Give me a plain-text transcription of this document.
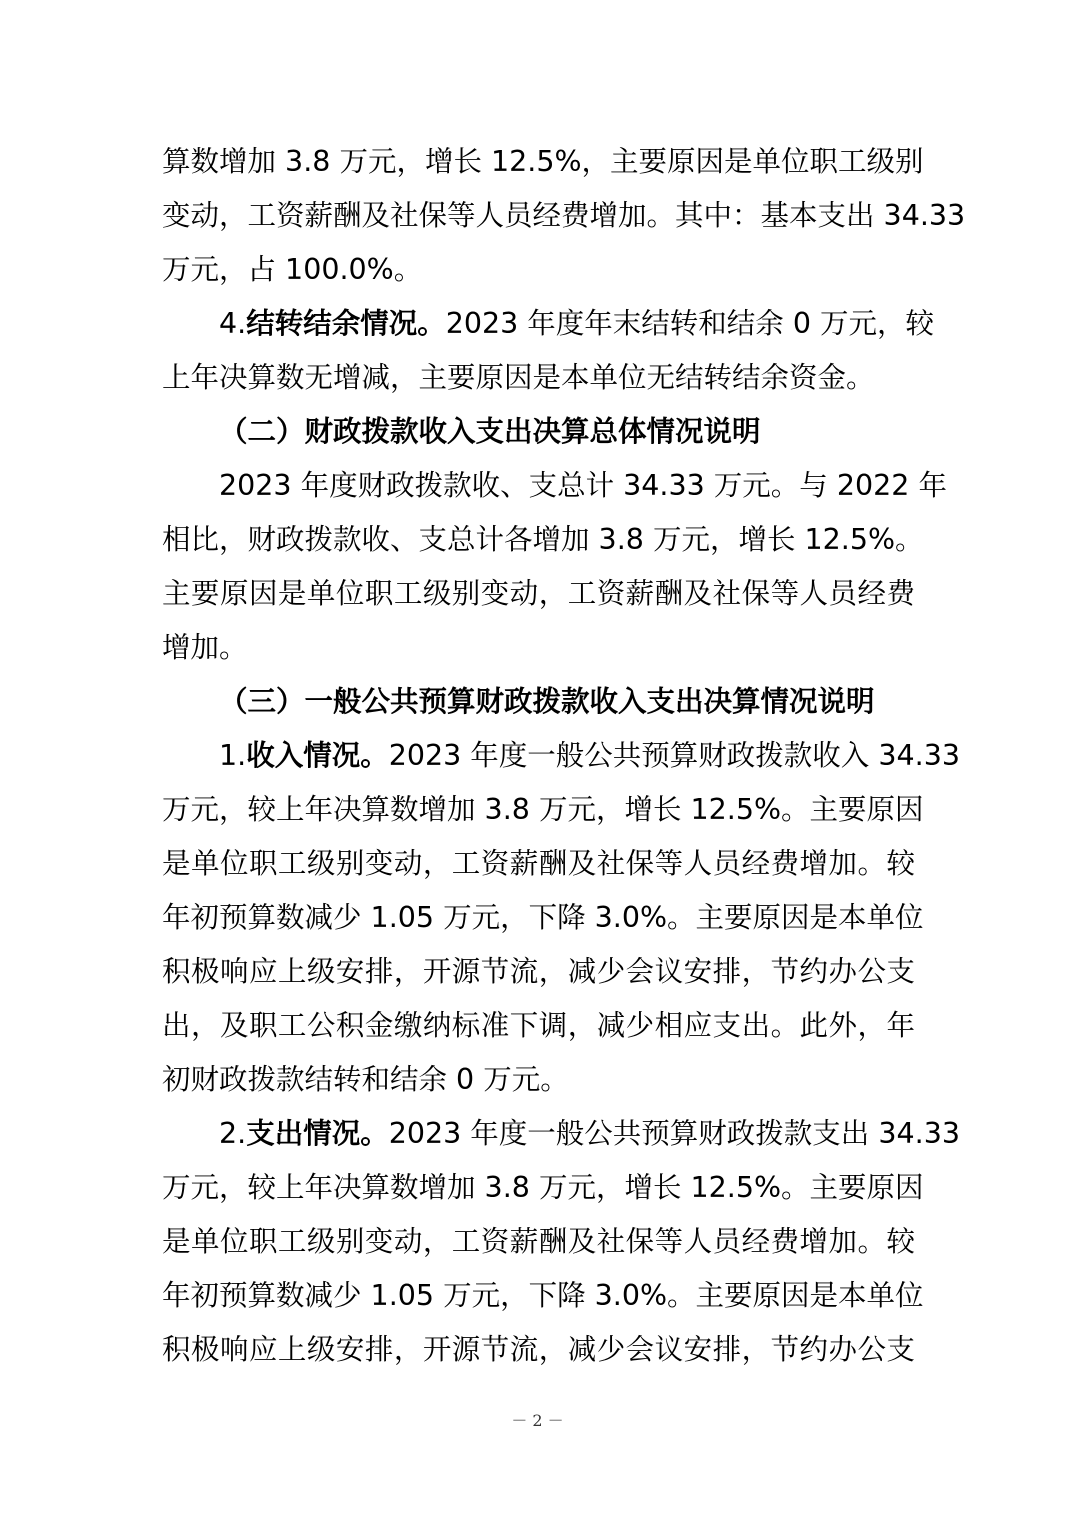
算数增加 3.8 万元，增长 12.5%，主要原因是单位职工级别
变动，工资薪酬及社保等人员经费增加。其中：基本支出 34.33
万元，占 100.0%。
4.结转结余情况。2023 年度年末结转和结余 0 万元，较
上年决算数无增减，主要原因是本单位无结转结余资金。
（二）财政拨款收入支出决算总体情况说明
2023 年度财政拨款收、支总计 34.33 万元。与 2022 年
相比，财政拨款收、支总计各增加 3.8 万元，增长 12.5%。
主要原因是单位职工级别变动，工资薪酬及社保等人员经费
增加。
（三）一般公共预算财政拨款收入支出决算情况说明
1.收入情况。2023 年度一般公共预算财政拨款收入 34.33
万元，较上年决算数增加 3.8 万元，增长 12.5%。主要原因
是单位职工级别变动，工资薪酬及社保等人员经费增加。较
年初预算数减少 1.05 万元，下降 3.0%。主要原因是本单位
积极响应上级安排，开源节流，减少会议安排，节约办公支
出，及职工公积金缴纳标准下调，减少相应支出。此外，年
初财政拨款结转和结余 0 万元。
2.支出情况。2023 年度一般公共预算财政拨款支出 34.33
万元，较上年决算数增加 3.8 万元，增长 12.5%。主要原因
是单位职工级别变动，工资薪酬及社保等人员经费增加。较
年初预算数减少 1.05 万元，下降 3.0%。主要原因是本单位
积极响应上级安排，开源节流，减少会议安排，节约办公支
－ 2 －
